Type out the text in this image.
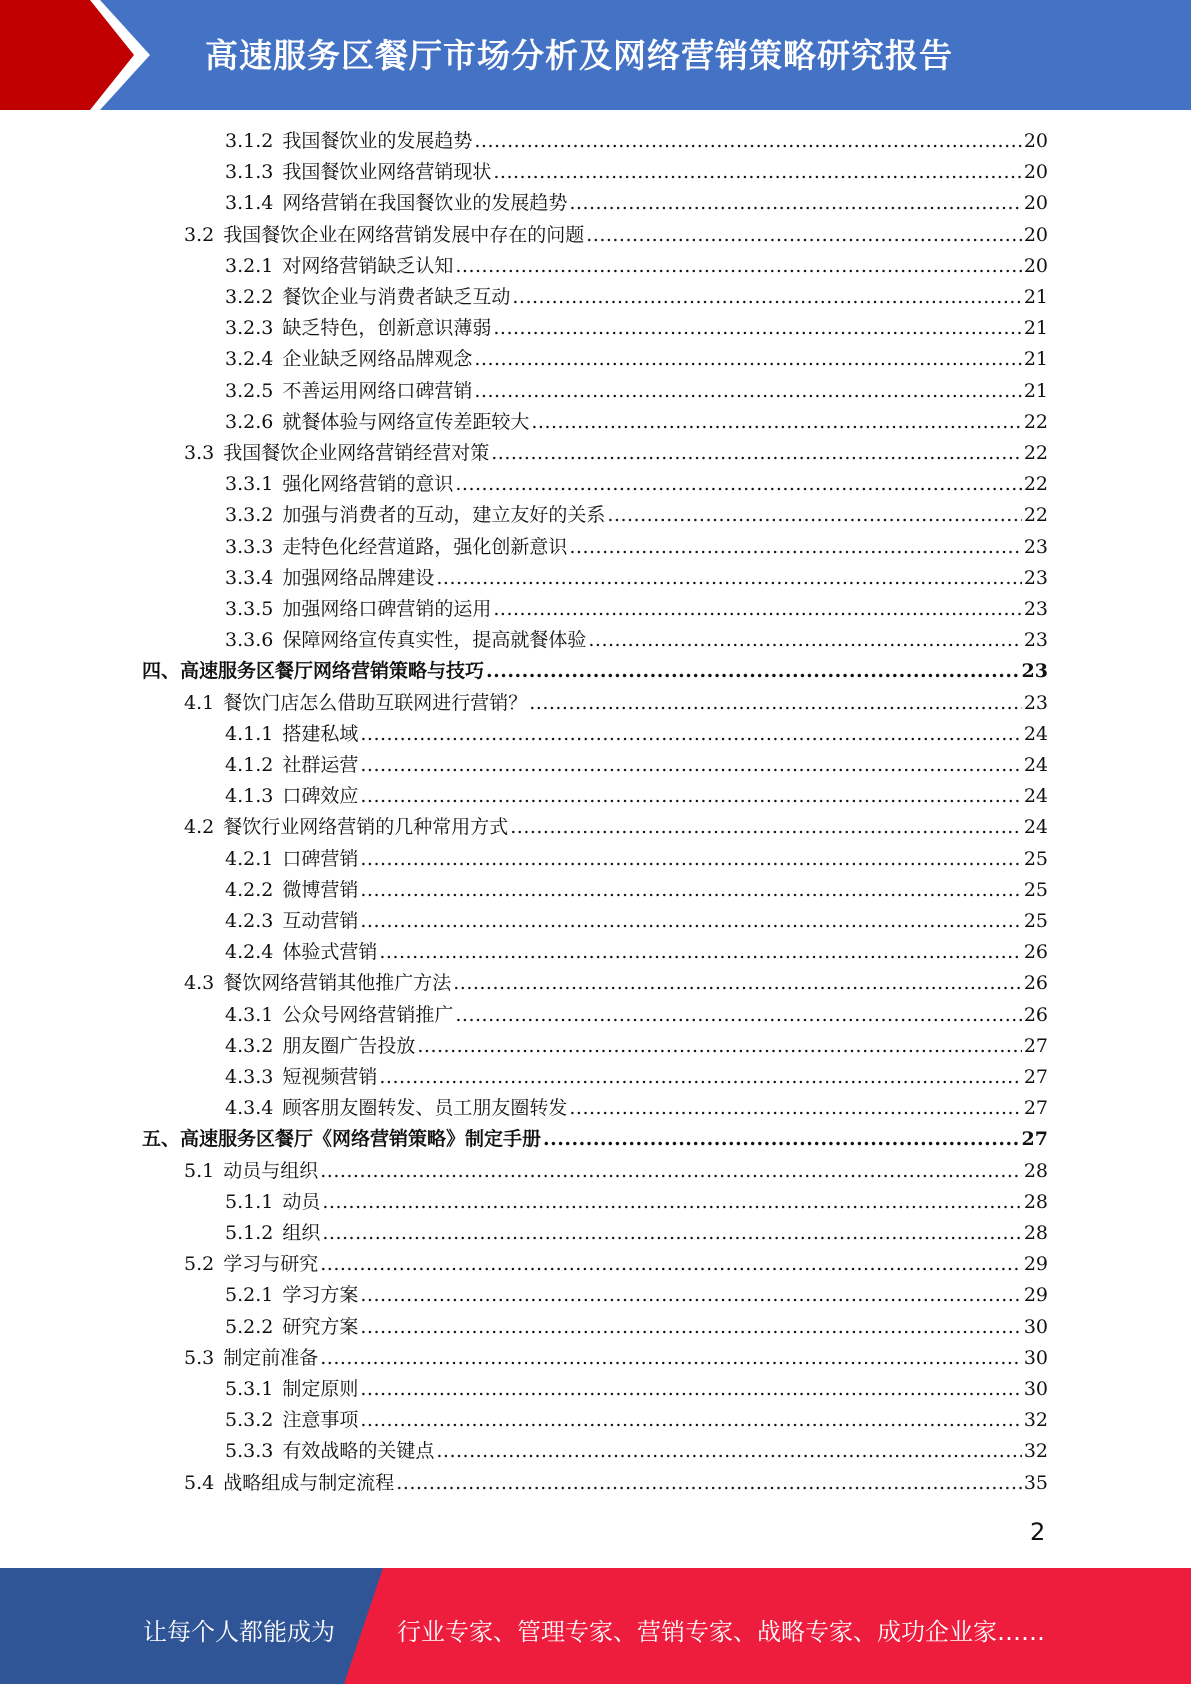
高速服务区餐厅市场分析及网络营销策略研究报告
3.1.2 我国餐饮业的发展趋势 .....	20
3.1.3 我国餐饮业网络营销现状 .....	20
3.1.4 网络营销在我国餐饮业的发展趋势 .....	20
3.2 我国餐饮企业在网络营销发展中存在的问题 .....	20
3.2.1 对网络营销缺乏认知 .....	20
3.2.2 餐饮企业与消费者缺乏互动 .....	21
3.2.3 缺乏特色，创新意识薄弱 .....	21
3.2.4 企业缺乏网络品牌观念 .....	21
3.2.5 不善运用网络口碑营销 .....	21
3.2.6 就餐体验与网络宣传差距较大 .....	22
3.3 我国餐饮企业网络营销经营对策 .....	22
3.3.1 强化网络营销的意识 .....	22
3.3.2 加强与消费者的互动，建立友好的关系 .....	22
3.3.3 走特色化经营道路，强化创新意识 .....	23
3.3.4 加强网络品牌建设 .....	23
3.3.5 加强网络口碑营销的运用 .....	23
3.3.6 保障网络宣传真实性，提高就餐体验 .....	23
四、高速服务区餐厅网络营销策略与技巧 .....	23
4.1 餐饮门店怎么借助互联网进行营销？ .....	23
4.1.1 搭建私域 .....	24
4.1.2 社群运营 .....	24
4.1.3 口碑效应 .....	24
4.2 餐饮行业网络营销的几种常用方式 .....	24
4.2.1 口碑营销 .....	25
4.2.2 微博营销 .....	25
4.2.3 互动营销 .....	25
4.2.4 体验式营销 .....	26
4.3 餐饮网络营销其他推广方法 .....	26
4.3.1 公众号网络营销推广 .....	26
4.3.2 朋友圈广告投放 .....	27
4.3.3 短视频营销 .....	27
4.3.4 顾客朋友圈转发、员工朋友圈转发 .....	27
五、高速服务区餐厅《网络营销策略》制定手册 .....	27
5.1 动员与组织 .....	28
5.1.1 动员 .....	28
5.1.2 组织 .....	28
5.2 学习与研究 .....	29
5.2.1 学习方案 .....	29
5.2.2 研究方案 .....	30
5.3 制定前准备 .....	30
5.3.1 制定原则 .....	30
5.3.2 注意事项 .....	32
5.3.3 有效战略的关键点 .....	32
5.4 战略组成与制定流程 .....	35
2
让每个人都能成为	行业专家、管理专家、营销专家、战略专家、成功企业家……
